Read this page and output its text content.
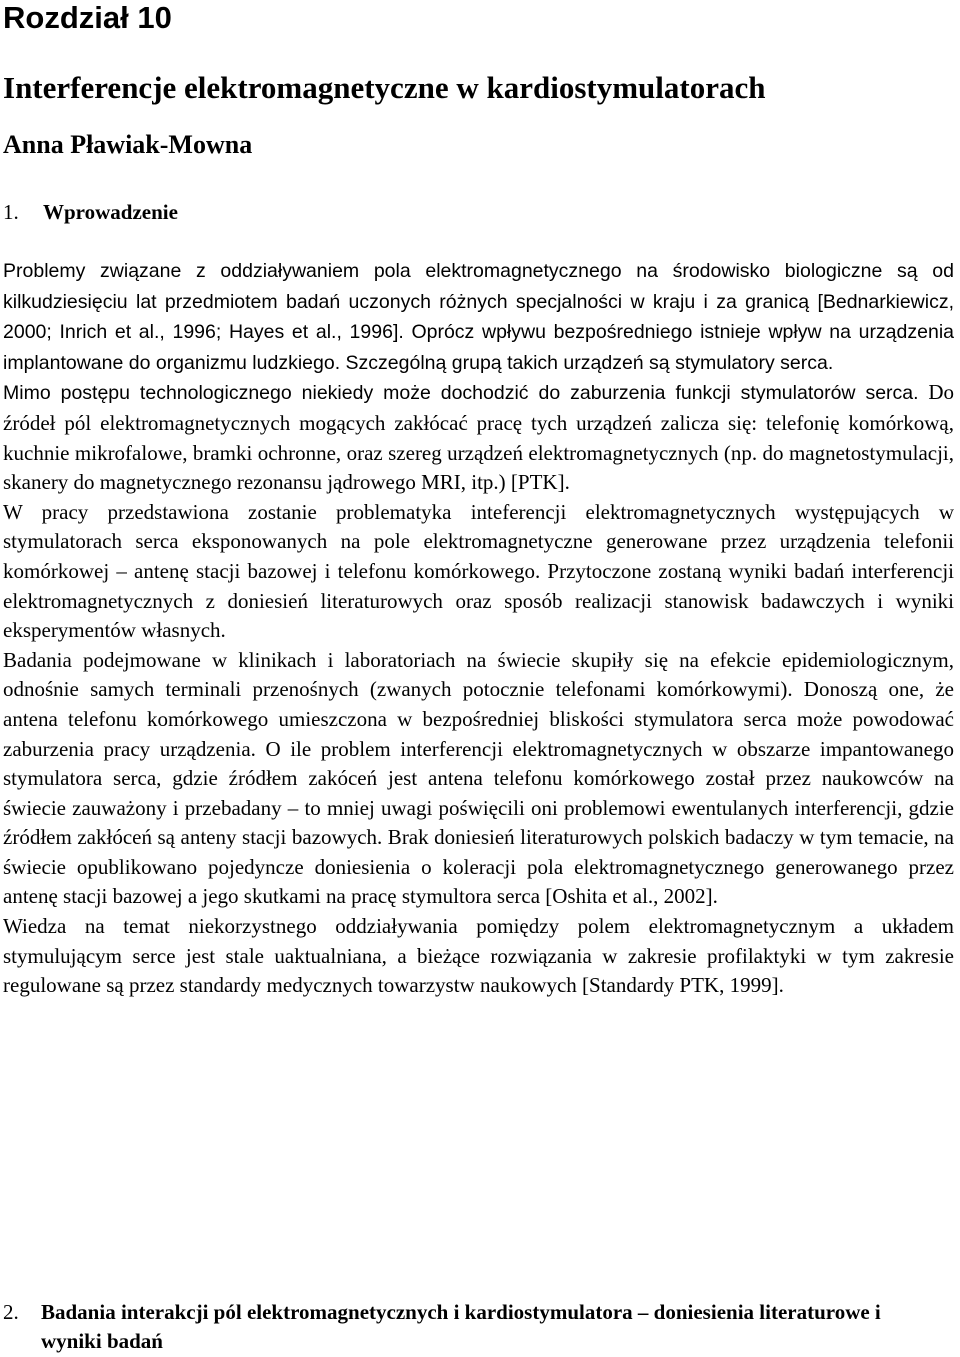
Rozdział 10
Interferencje elektromagnetyczne w kardiostymulatorach
Anna Pławiak-Mowna
1. Wprowadzenie

Problemy związane z oddziaływaniem pola elektromagnetycznego na środowisko biologiczne są od kilkudziesięciu lat przedmiotem badań uczonych różnych specjalności w kraju i za granicą [Bednarkiewicz, 2000; Inrich et al., 1996; Hayes et al., 1996]. Oprócz wpływu bezpośredniego istnieje wpływ na urządzenia implantowane do organizmu ludzkiego. Szczególną grupą takich urządzeń są stymulatory serca.

Mimo postępu technologicznego niekiedy może dochodzić do zaburzenia funkcji stymulatorów serca. Do źródeł pól elektromagnetycznych mogących zakłócać pracę tych urządzeń zalicza się: telefonię komórkową, kuchnie mikrofalowe, bramki ochronne, oraz szereg urządzeń elektromagnetycznych (np. do magnetostymulacji, skanery do magnetycznego rezonansu jądrowego MRI, itp.) [PTK].

W pracy przedstawiona zostanie problematyka inteferencji elektromagnetycznych występujących w stymulatorach serca eksponowanych na pole elektromagnetyczne generowane przez urządzenia telefonii komórkowej – antenę stacji bazowej i telefonu komórkowego. Przytoczone zostaną wyniki badań interferencji elektromagnetycznych z doniesień literaturowych oraz sposób realizacji stanowisk badawczych i wyniki eksperymentów własnych.

Badania podejmowane w klinikach i laboratoriach na świecie skupiły się na efekcie epidemiologicznym, odnośnie samych terminali przenośnych (zwanych potocznie telefonami komórkowymi). Donoszą one, że antena telefonu komórkowego umieszczona w bezpośredniej bliskości stymulatora serca może powodować zaburzenia pracy urządzenia. O ile problem interferencji elektromagnetycznych w obszarze impantowanego stymulatora serca, gdzie źródłem zakóceń jest antena telefonu komórkowego został przez naukowców na świecie zauważony i przebadany – to mniej uwagi poświęcili oni problemowi ewentulanych interferencji, gdzie źródłem zakłóceń są anteny stacji bazowych. Brak doniesień literaturowych polskich badaczy w tym temacie, na świecie opublikowano pojedyncze doniesienia o koleracji pola elektromagnetycznego generowanego przez antenę stacji bazowej a jego skutkami na pracę stymultora serca [Oshita et al., 2002].

Wiedza na temat niekorzystnego oddziaływania pomiędzy polem elektromagnetycznym a układem stymulującym serce jest stale uaktualniana, a bieżące rozwiązania w zakresie profilaktyki w tym zakresie regulowane są przez standardy medycznych towarzystw naukowych [Standardy PTK, 1999].

2.	Badania interakcji pól elektromagnetycznych i kardiostymulatora – doniesienia literaturowe i wyniki badań
